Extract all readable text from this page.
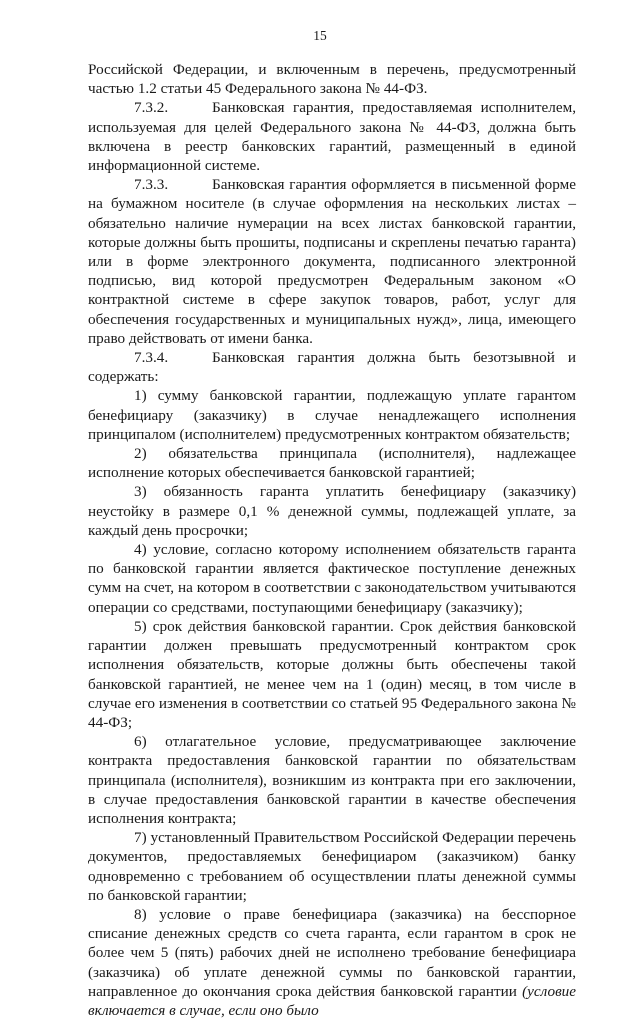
15

Российской Федерации, и включенным в перечень, предусмотренный частью 1.2 статьи 45 Федерального закона № 44-ФЗ.

7.3.2.	Банковская гарантия, предоставляемая исполнителем, используемая для целей Федерального закона № 44-ФЗ, должна быть включена в реестр банковских гарантий, размещенный в единой информационной системе.

7.3.3.	Банковская гарантия оформляется в письменной форме на бумажном носителе (в случае оформления на нескольких листах – обязательно наличие нумерации на всех листах банковской гарантии, которые должны быть прошиты, подписаны и скреплены печатью гаранта) или в форме электронного документа, подписанного электронной подписью, вид которой предусмотрен Федеральным законом «О контрактной системе в сфере закупок товаров, работ, услуг для обеспечения государственных и муниципальных нужд», лица, имеющего право действовать от имени банка.

7.3.4.	Банковская гарантия должна быть безотзывной и содержать:

1) сумму банковской гарантии, подлежащую уплате гарантом бенефициару (заказчику) в случае ненадлежащего исполнения принципалом (исполнителем) предусмотренных контрактом обязательств;

2) обязательства принципала (исполнителя), надлежащее исполнение которых обеспечивается банковской гарантией;

3) обязанность гаранта уплатить бенефициару (заказчику) неустойку в размере 0,1 % денежной суммы, подлежащей уплате, за каждый день просрочки;

4) условие, согласно которому исполнением обязательств гаранта по банковской гарантии является фактическое поступление денежных сумм на счет, на котором в соответствии с законодательством учитываются операции со средствами, поступающими бенефициару (заказчику);

5) срок действия банковской гарантии. Срок действия банковской гарантии должен превышать предусмотренный контрактом срок исполнения обязательств, которые должны быть обеспечены такой банковской гарантией, не менее чем на 1 (один) месяц, в том числе в случае его изменения в соответствии со статьей 95 Федерального закона № 44-ФЗ;

6) отлагательное условие, предусматривающее заключение контракта предоставления банковской гарантии по обязательствам принципала (исполнителя), возникшим из контракта при его заключении, в случае предоставления банковской гарантии в качестве обеспечения исполнения контракта;

7) установленный Правительством Российской Федерации перечень документов, предоставляемых бенефициаром (заказчиком) банку одновременно с требованием об осуществлении платы денежной суммы по банковской гарантии;

8) условие о праве бенефициара (заказчика) на бесспорное списание денежных средств со счета гаранта, если гарантом в срок не более чем 5 (пять) рабочих дней не исполнено требование бенефициара (заказчика) об уплате денежной суммы по банковской гарантии, направленное до окончания срока действия банковской гарантии (условие включается в случае, если оно было
